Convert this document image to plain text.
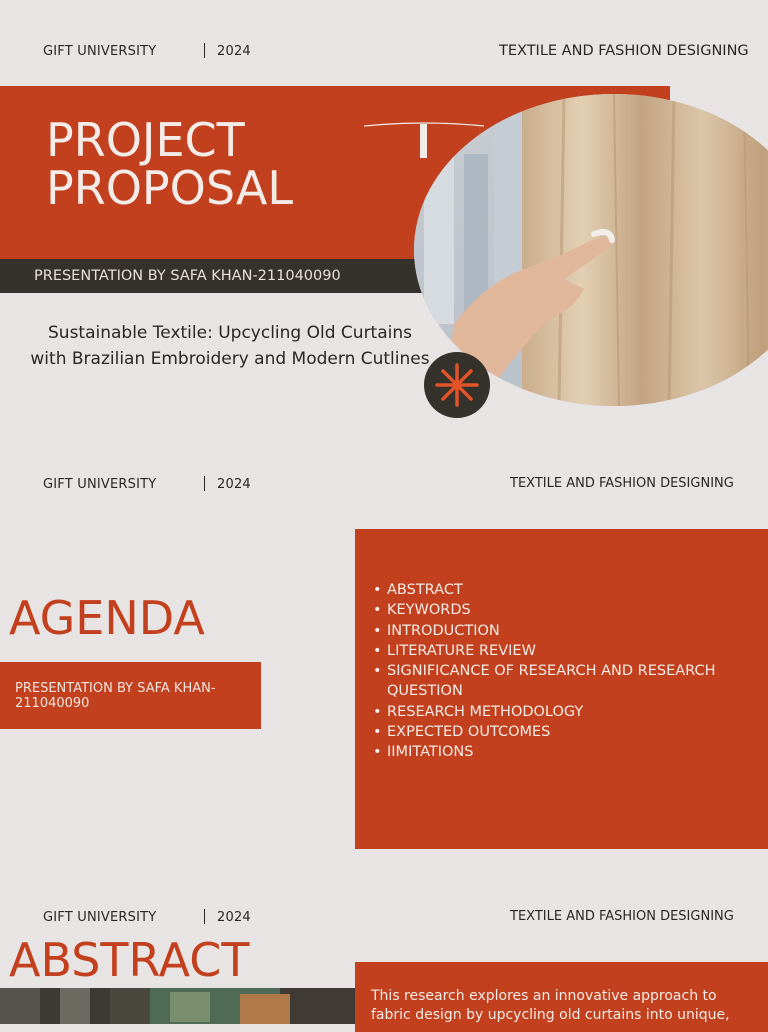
GIFT UNIVERSITY	2024	TEXTILE AND FASHION DESIGNING
PROJECT
PROPOSAL
PRESENTATION BY SAFA KHAN-211040090
Sustainable Textile: Upcycling Old Curtains
with Brazilian Embroidery and Modern Cutlines
GIFT UNIVERSITY	2024	TEXTILE AND FASHION DESIGNING
AGENDA
PRESENTATION BY SAFA KHAN-211040090
• ABSTRACT
• KEYWORDS
• INTRODUCTION
• LITERATURE REVIEW
• SIGNIFICANCE OF RESEARCH AND RESEARCH QUESTION
• RESEARCH METHODOLOGY
• EXPECTED OUTCOMES
• IIMITATIONS
GIFT UNIVERSITY	2024	TEXTILE AND FASHION DESIGNING
ABSTRACT
This research explores an innovative approach to fabric design by upcycling old curtains into unique,
